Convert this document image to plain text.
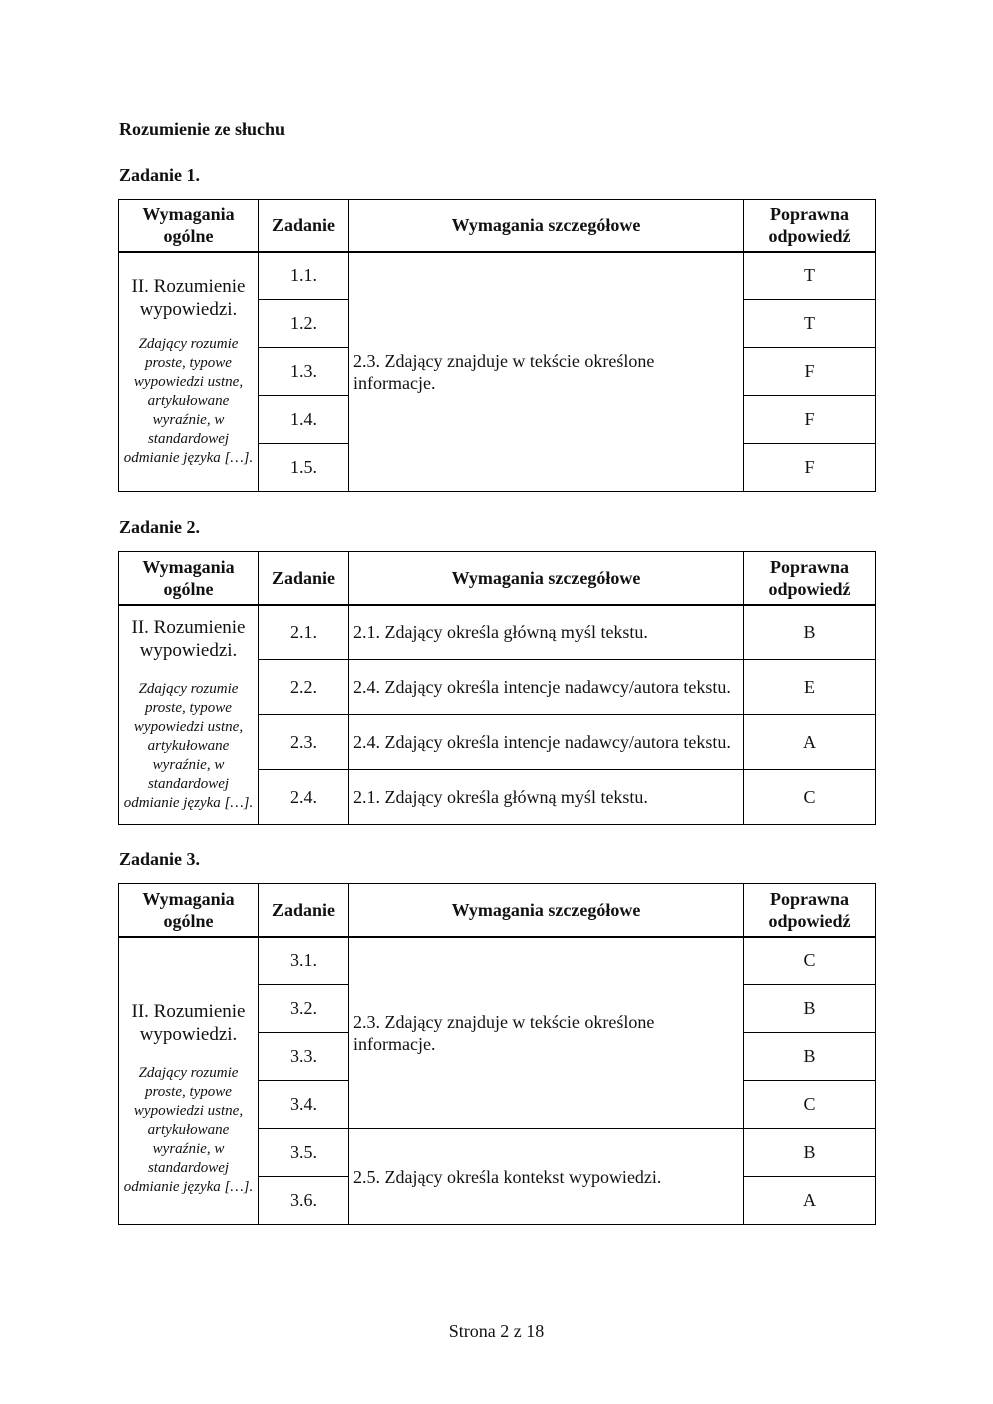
Rozumienie ze słuchu
Zadanie 1.
Wymagania
ogólne	Zadanie	Wymagania szczegółowe	Poprawna
odpowiedź

II. Rozumienie wypowiedzi.
Zdający rozumie proste, typowe wypowiedzi ustne, artykułowane wyraźnie, w standardowej odmianie języka […].	1.1.	2.3. Zdający znajduje w tekście określone informacje.	T
	1.2.		T
	1.3.		F
	1.4.		F
	1.5.		F
Zadanie 2.
Wymagania
ogólne	Zadanie	Wymagania szczegółowe	Poprawna
odpowiedź

II. Rozumienie wypowiedzi.
Zdający rozumie proste, typowe wypowiedzi ustne, artykułowane wyraźnie, w standardowej odmianie języka […].	2.1.	2.1. Zdający określa główną myśl tekstu.	B
	2.2.	2.4. Zdający określa intencje nadawcy/autora tekstu.	E
	2.3.	2.4. Zdający określa intencje nadawcy/autora tekstu.	A
	2.4.	2.1. Zdający określa główną myśl tekstu.	C
Zadanie 3.
Wymagania
ogólne	Zadanie	Wymagania szczegółowe	Poprawna
odpowiedź

II. Rozumienie wypowiedzi.
Zdający rozumie proste, typowe wypowiedzi ustne, artykułowane wyraźnie, w standardowej odmianie języka […].	3.1.	2.3. Zdający znajduje w tekście określone informacje.	C
	3.2.		B
	3.3.		B
	3.4.		C
	3.5.	2.5. Zdający określa kontekst wypowiedzi.	B
	3.6.		A
Strona 2 z 18
